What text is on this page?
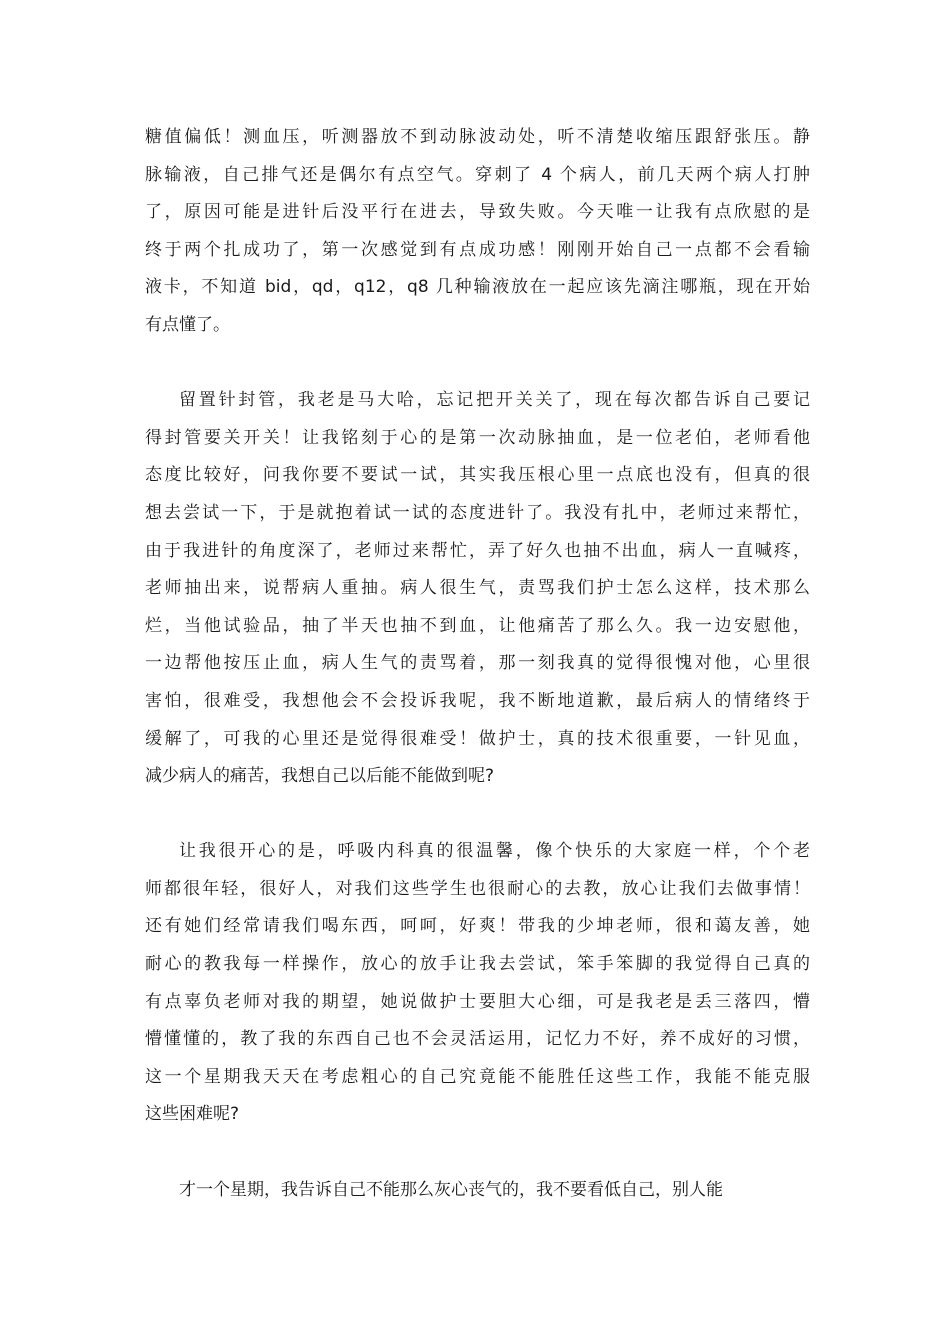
糖值偏低！测血压，听测器放不到动脉波动处，听不清楚收缩压跟舒张压。静
脉输液，自己排气还是偶尔有点空气。穿刺了 4 个病人，前几天两个病人打肿
了，原因可能是进针后没平行在进去，导致失败。今天唯一让我有点欣慰的是
终于两个扎成功了，第一次感觉到有点成功感！刚刚开始自己一点都不会看输
液卡，不知道 bid，qd，q12，q8 几种输液放在一起应该先滴注哪瓶，现在开始
有点懂了。

留置针封管，我老是马大哈，忘记把开关关了，现在每次都告诉自己要记
得封管要关开关！让我铭刻于心的是第一次动脉抽血，是一位老伯，老师看他
态度比较好，问我你要不要试一试，其实我压根心里一点底也没有，但真的很
想去尝试一下，于是就抱着试一试的态度进针了。我没有扎中，老师过来帮忙，
由于我进针的角度深了，老师过来帮忙，弄了好久也抽不出血，病人一直喊疼，
老师抽出来，说帮病人重抽。病人很生气，责骂我们护士怎么这样，技术那么
烂，当他试验品，抽了半天也抽不到血，让他痛苦了那么久。我一边安慰他，
一边帮他按压止血，病人生气的责骂着，那一刻我真的觉得很愧对他，心里很
害怕，很难受，我想他会不会投诉我呢，我不断地道歉，最后病人的情绪终于
缓解了，可我的心里还是觉得很难受！做护士，真的技术很重要，一针见血，
减少病人的痛苦，我想自己以后能不能做到呢?

让我很开心的是，呼吸内科真的很温馨，像个快乐的大家庭一样，个个老
师都很年轻，很好人，对我们这些学生也很耐心的去教，放心让我们去做事情！
还有她们经常请我们喝东西，呵呵，好爽！带我的少坤老师，很和蔼友善，她
耐心的教我每一样操作，放心的放手让我去尝试，笨手笨脚的我觉得自己真的
有点辜负老师对我的期望，她说做护士要胆大心细，可是我老是丢三落四，懵
懵懂懂的，教了我的东西自己也不会灵活运用，记忆力不好，养不成好的习惯，
这一个星期我天天在考虑粗心的自己究竟能不能胜任这些工作，我能不能克服
这些困难呢?

才一个星期，我告诉自己不能那么灰心丧气的，我不要看低自己，别人能
